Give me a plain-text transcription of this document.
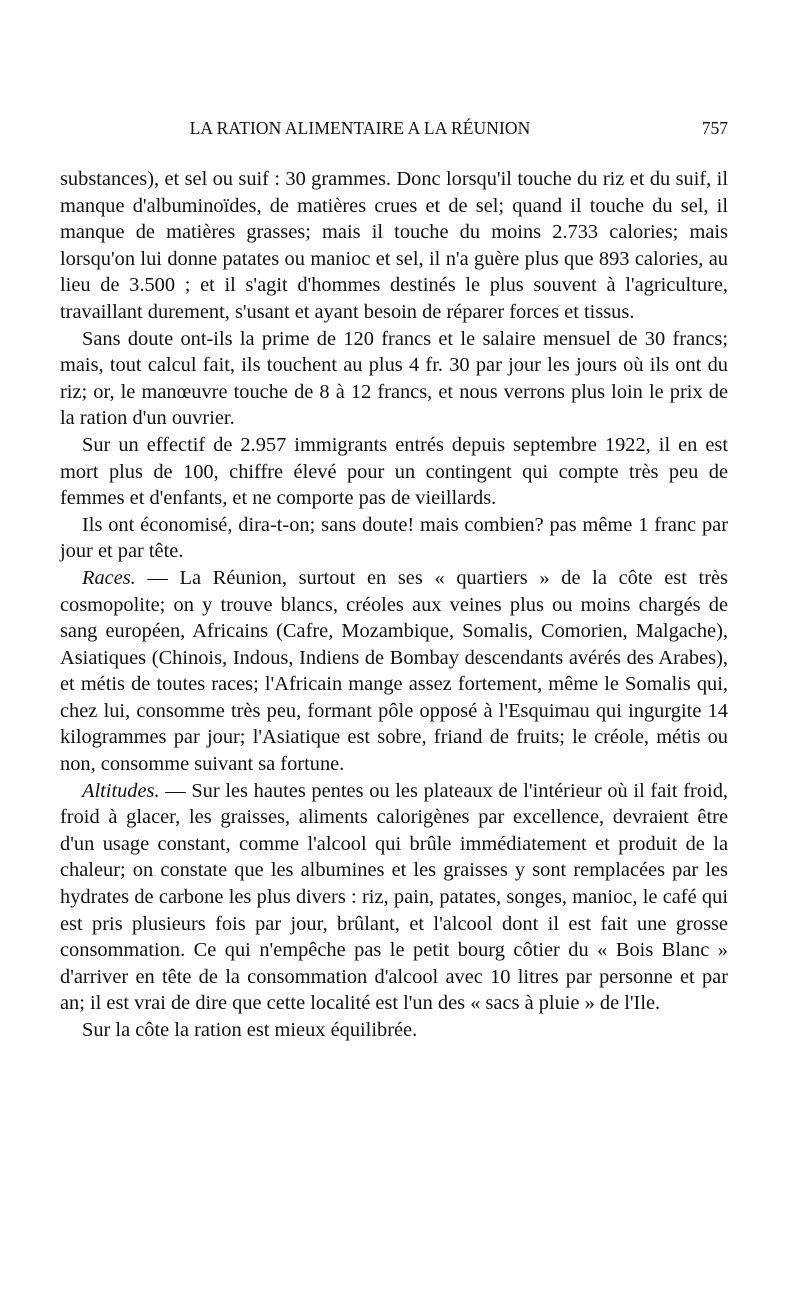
LA RATION ALIMENTAIRE A LA RÉUNION	757

substances), et sel ou suif : 30 grammes. Donc lorsqu'il touche du riz et du suif, il manque d'albuminoïdes, de matières crues et de sel; quand il touche du sel, il manque de matières grasses; mais il touche du moins 2.733 calories; mais lorsqu'on lui donne patates ou manioc et sel, il n'a guère plus que 893 calories, au lieu de 3.500 ; et il s'agit d'hommes destinés le plus souvent à l'agriculture, travaillant durement, s'usant et ayant besoin de réparer forces et tissus.

Sans doute ont-ils la prime de 120 francs et le salaire mensuel de 30 francs; mais, tout calcul fait, ils touchent au plus 4 fr. 30 par jour les jours où ils ont du riz; or, le manœuvre touche de 8 à 12 francs, et nous verrons plus loin le prix de la ration d'un ouvrier.

Sur un effectif de 2.957 immigrants entrés depuis septembre 1922, il en est mort plus de 100, chiffre élevé pour un contingent qui compte très peu de femmes et d'enfants, et ne comporte pas de vieillards.

Ils ont économisé, dira-t-on; sans doute! mais combien? pas même 1 franc par jour et par tête.

Races. — La Réunion, surtout en ses « quartiers » de la côte est très cosmopolite; on y trouve blancs, créoles aux veines plus ou moins chargés de sang européen, Africains (Cafre, Mozambique, Somalis, Comorien, Malgache), Asiatiques (Chinois, Indous, Indiens de Bombay descendants avérés des Arabes), et métis de toutes races; l'Africain mange assez fortement, même le Somalis qui, chez lui, consomme très peu, formant pôle opposé à l'Esquimau qui ingurgite 14 kilogrammes par jour; l'Asiatique est sobre, friand de fruits; le créole, métis ou non, consomme suivant sa fortune.

Altitudes. — Sur les hautes pentes ou les plateaux de l'intérieur où il fait froid, froid à glacer, les graisses, aliments calorigènes par excellence, devraient être d'un usage constant, comme l'alcool qui brûle immédiatement et produit de la chaleur; on constate que les albumines et les graisses y sont remplacées par les hydrates de carbone les plus divers : riz, pain, patates, songes, manioc, le café qui est pris plusieurs fois par jour, brûlant, et l'alcool dont il est fait une grosse consommation. Ce qui n'empêche pas le petit bourg côtier du « Bois Blanc » d'arriver en tête de la consommation d'alcool avec 10 litres par personne et par an; il est vrai de dire que cette localité est l'un des « sacs à pluie » de l'Ile.

Sur la côte la ration est mieux équilibrée.
